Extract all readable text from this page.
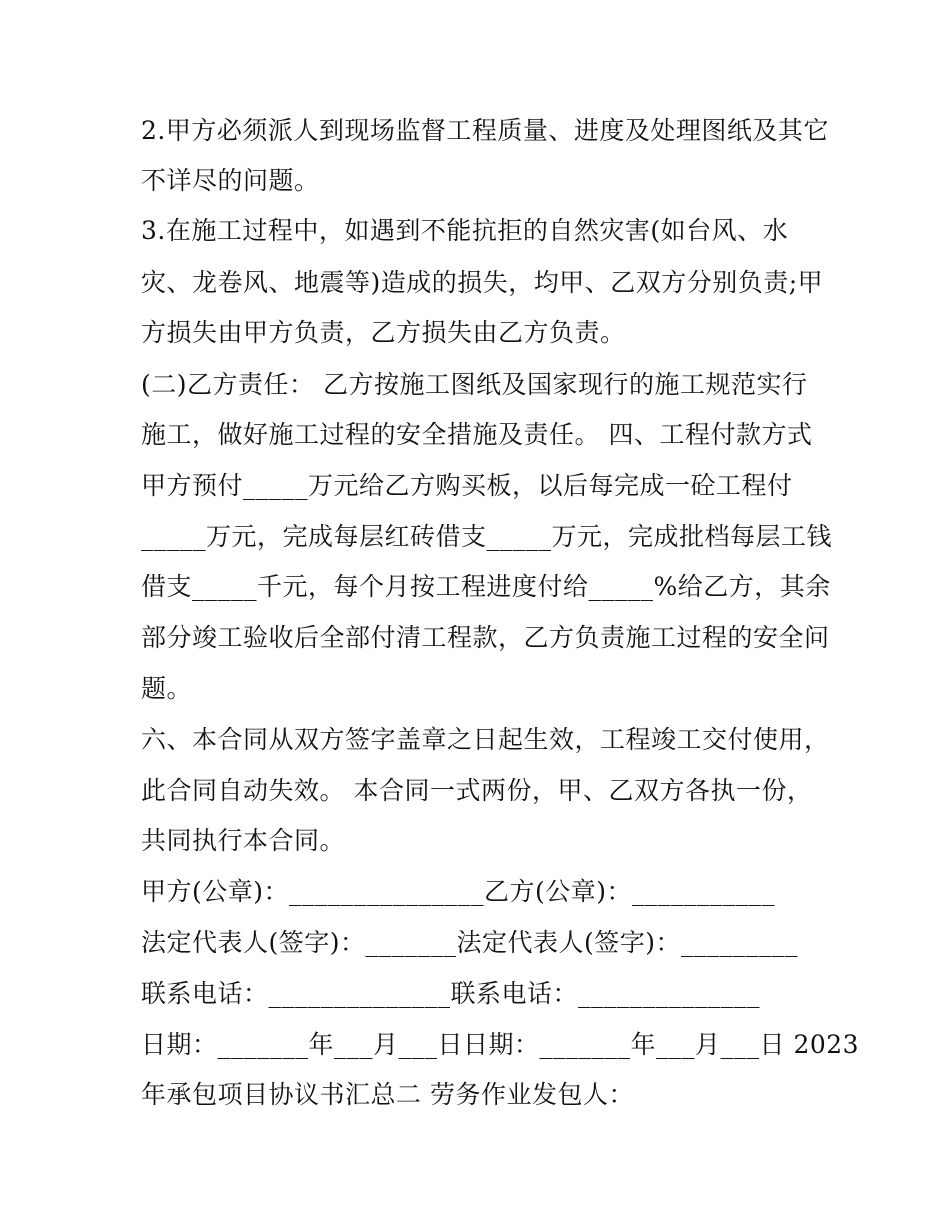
2.甲方必须派人到现场监督工程质量、进度及处理图纸及其它
不详尽的问题。
3.在施工过程中，如遇到不能抗拒的自然灾害(如台风、水
灾、龙卷风、地震等)造成的损失，均甲、乙双方分别负责;甲
方损失由甲方负责，乙方损失由乙方负责。
(二)乙方责任： 乙方按施工图纸及国家现行的施工规范实行
施工，做好施工过程的安全措施及责任。 四、工程付款方式
甲方预付_____万元给乙方购买板，以后每完成一砼工程付
_____万元，完成每层红砖借支_____万元，完成批档每层工钱
借支_____千元，每个月按工程进度付给_____%给乙方，其余
部分竣工验收后全部付清工程款，乙方负责施工过程的安全问
题。
六、本合同从双方签字盖章之日起生效，工程竣工交付使用，
此合同自动失效。 本合同一式两份，甲、乙双方各执一份，
共同执行本合同。
甲方(公章)：_______________乙方(公章)：___________
法定代表人(签字)：_______法定代表人(签字)：_________
联系电话：______________联系电话：______________
日期：_______年___月___日日期：_______年___月___日 2023
年承包项目协议书汇总二 劳务作业发包人：
